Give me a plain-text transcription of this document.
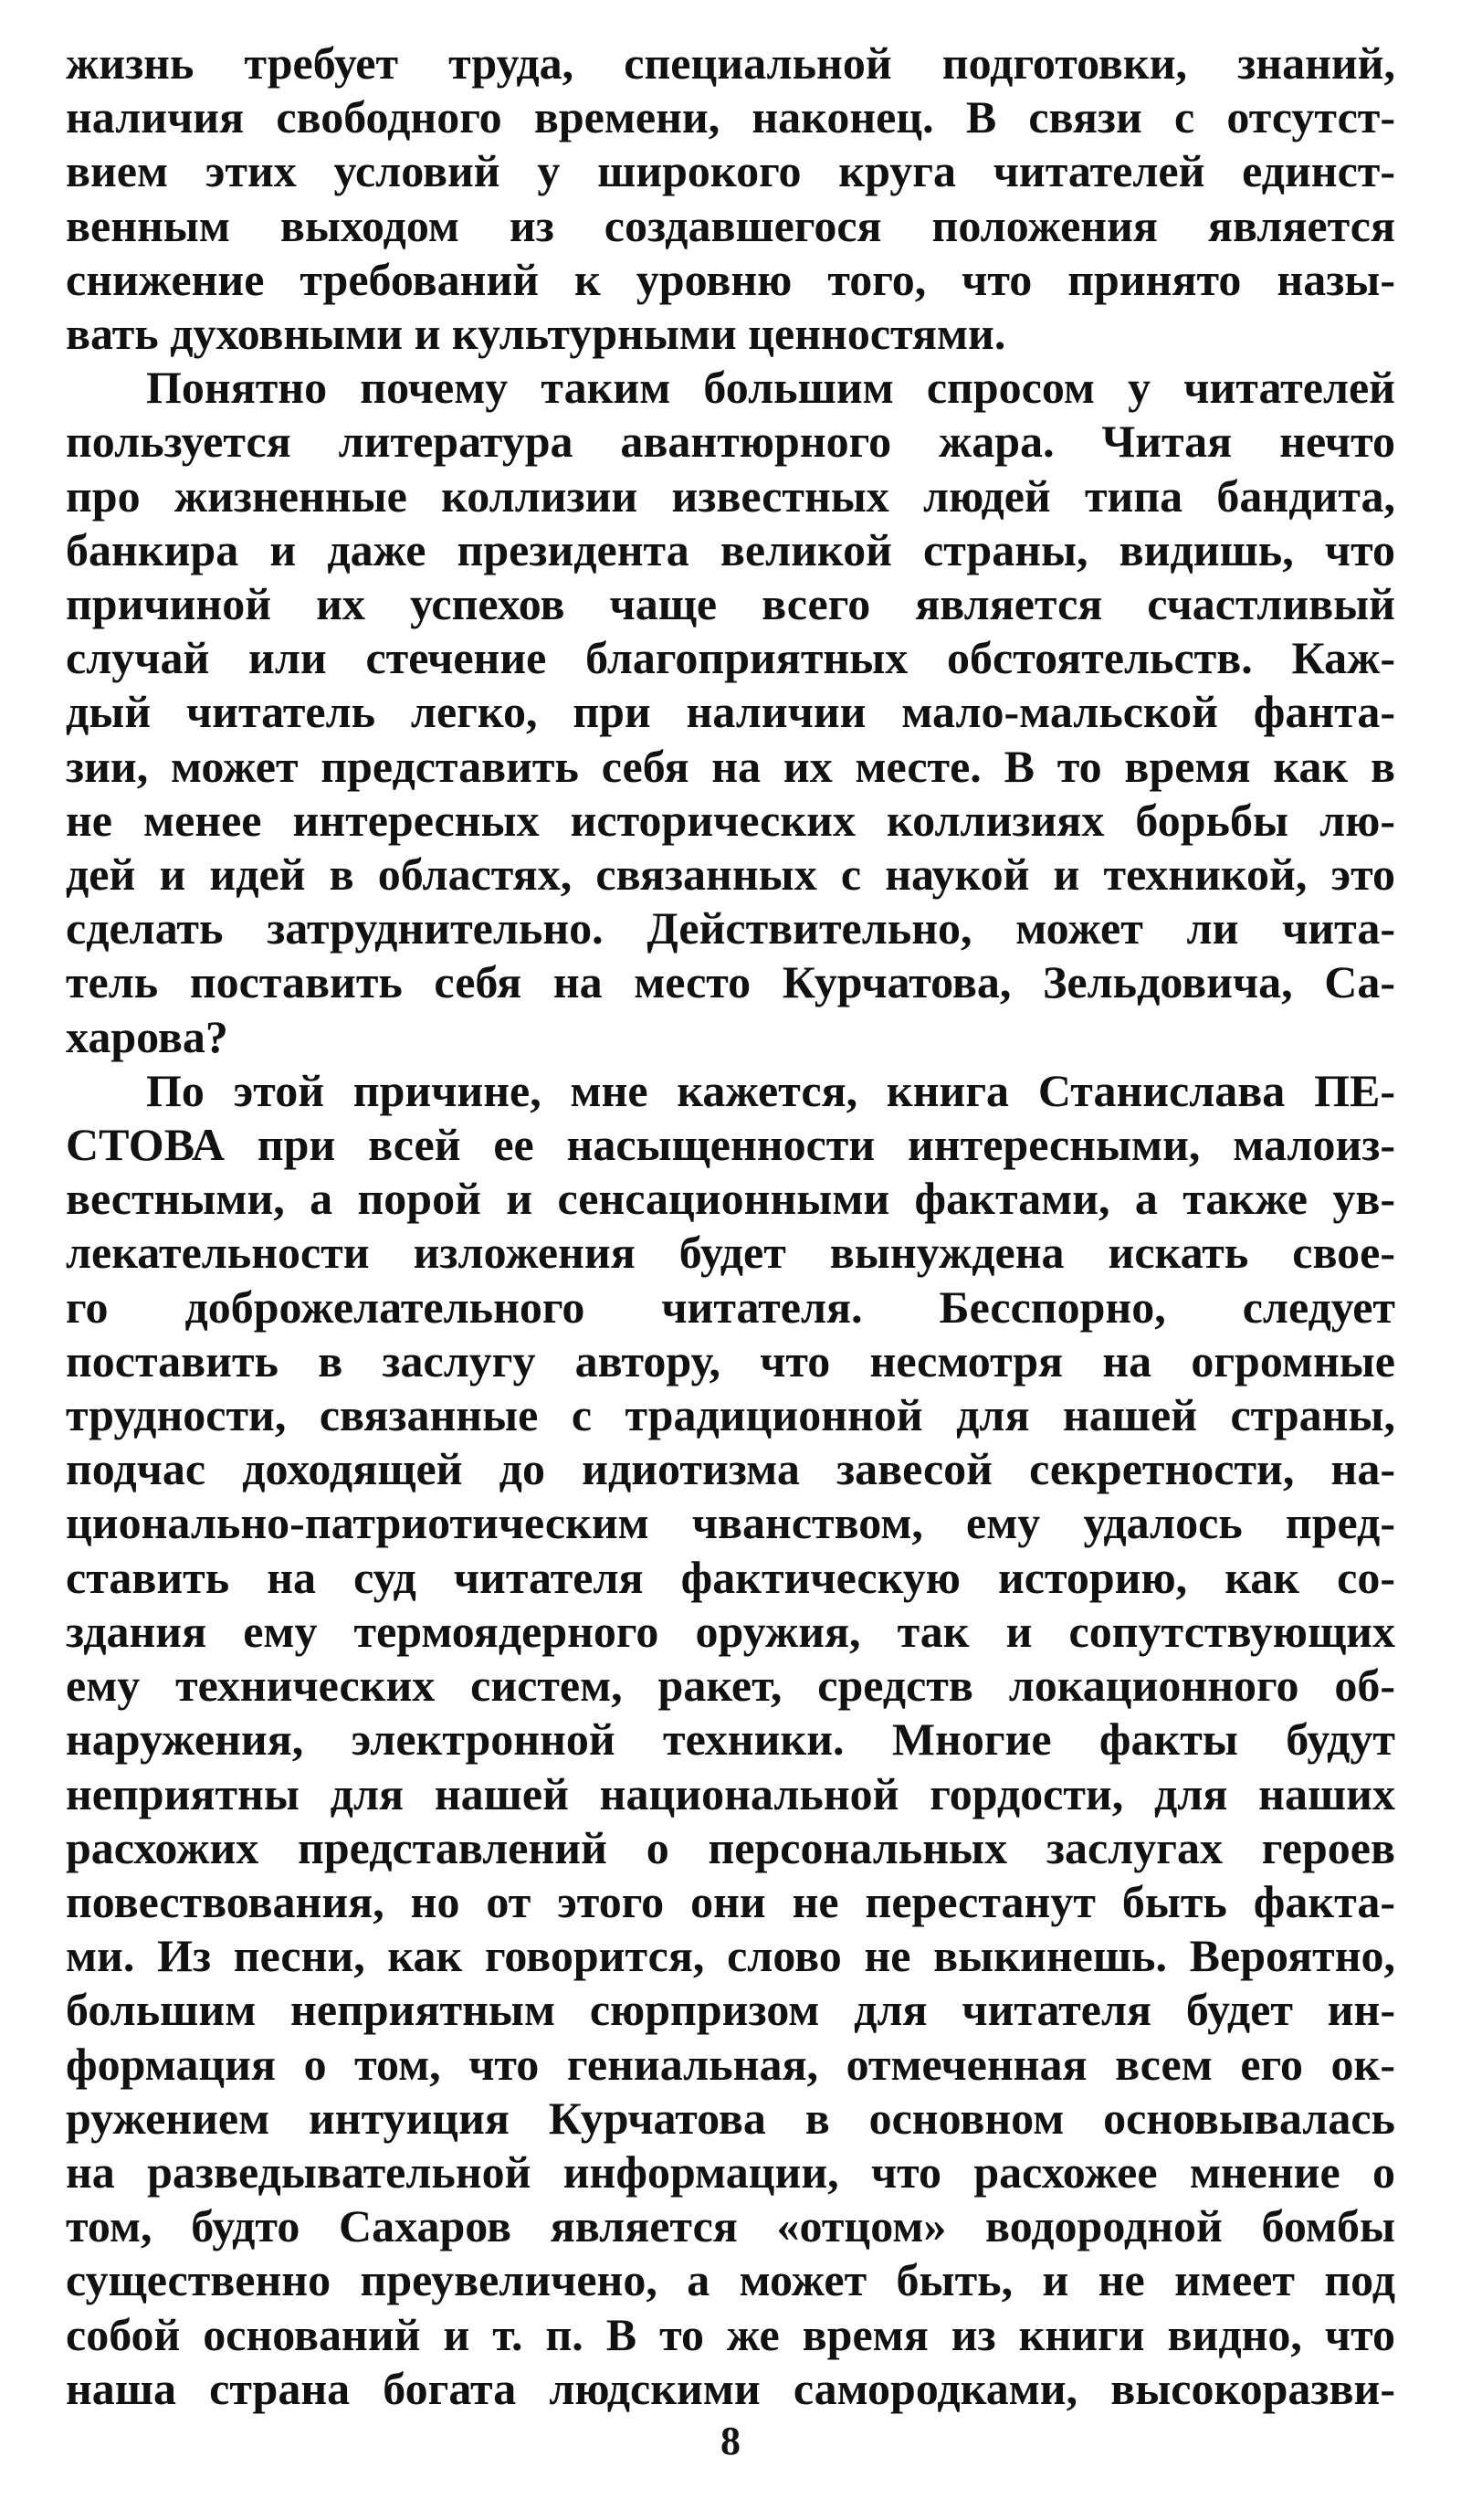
жизнь требует труда, специальной подготовки, знаний,
наличия свободного времени, наконец. В связи с отсутст-
вием этих условий у широкого круга читателей единст-
венным выходом из создавшегося положения является
снижение требований к уровню того, что принято назы-
вать духовными и культурными ценностями.
Понятно почему таким большим спросом у читателей
пользуется литература авантюрного жара. Читая нечто
про жизненные коллизии известных людей типа бандита,
банкира и даже президента великой страны, видишь, что
причиной их успехов чаще всего является счастливый
случай или стечение благоприятных обстоятельств. Каж-
дый читатель легко, при наличии мало-мальской фанта-
зии, может представить себя на их месте. В то время как в
не менее интересных исторических коллизиях борьбы лю-
дей и идей в областях, связанных с наукой и техникой, это
сделать затруднительно. Действительно, может ли чита-
тель поставить себя на место Курчатова, Зельдовича, Са-
харова?
По этой причине, мне кажется, книга Станислава ПЕ-
СТОВА при всей ее насыщенности интересными, малоиз-
вестными, а порой и сенсационными фактами, а также ув-
лекательности изложения будет вынуждена искать свое-
го доброжелательного читателя. Бесспорно, следует
поставить в заслугу автору, что несмотря на огромные
трудности, связанные с традиционной для нашей страны,
подчас доходящей до идиотизма завесой секретности, на-
ционально-патриотическим чванством, ему удалось пред-
ставить на суд читателя фактическую историю, как со-
здания ему термоядерного оружия, так и сопутствующих
ему технических систем, ракет, средств локационного об-
наружения, электронной техники. Многие факты будут
неприятны для нашей национальной гордости, для наших
расхожих представлений о персональных заслугах героев
повествования, но от этого они не перестанут быть факта-
ми. Из песни, как говорится, слово не выкинешь. Вероятно,
большим неприятным сюрпризом для читателя будет ин-
формация о том, что гениальная, отмеченная всем его ок-
ружением интуиция Курчатова в основном основывалась
на разведывательной информации, что расхожее мнение о
том, будто Сахаров является «отцом» водородной бомбы
существенно преувеличено, а может быть, и не имеет под
собой оснований и т. п. В то же время из книги видно, что
наша страна богата людскими самородками, высокоразви-
8
